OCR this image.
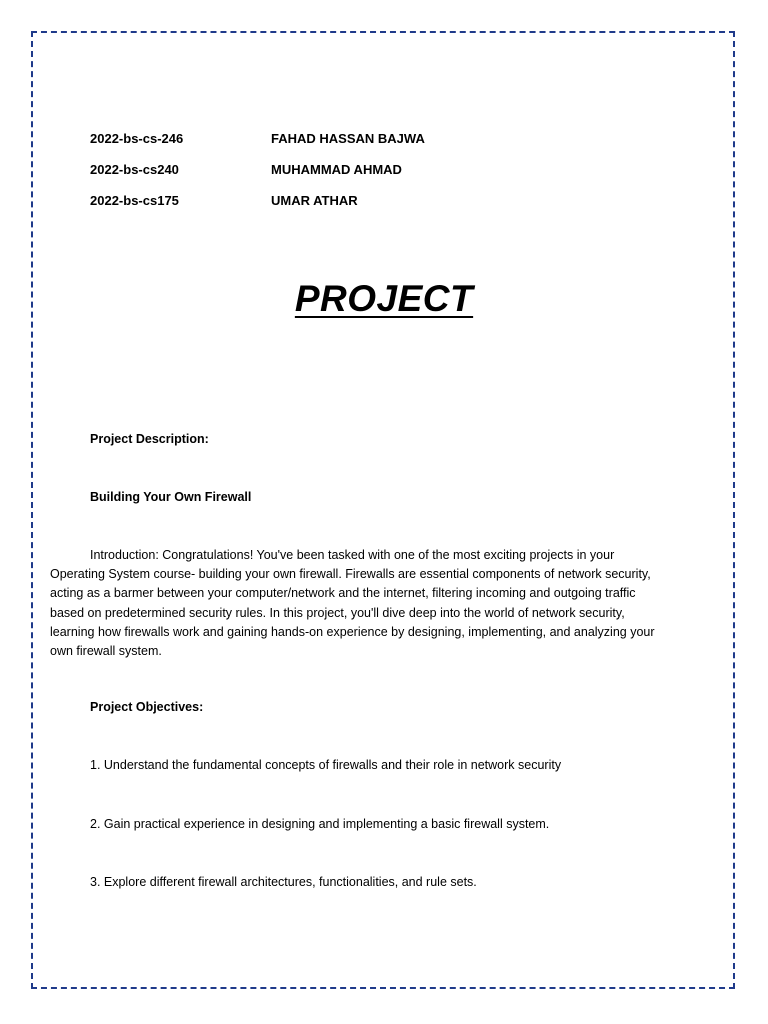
2022-bs-cs-246	FAHAD HASSAN BAJWA
2022-bs-cs240	MUHAMMAD AHMAD
2022-bs-cs175	UMAR ATHAR
PROJECT
Project Description:
Building Your Own Firewall

Introduction: Congratulations! You've been tasked with one of the most exciting projects in your Operating System course- building your own firewall. Firewalls are essential components of network security, acting as a barmer between your computer/network and the internet, filtering incoming and outgoing traffic based on predetermined security rules. In this project, you'll dive deep into the world of network security, learning how firewalls work and gaining hands-on experience by designing, implementing, and analyzing your own firewall system.

Project Objectives:
1. Understand the fundamental concepts of firewalls and their role in network security
2. Gain practical experience in designing and implementing a basic firewall system.
3. Explore different firewall architectures, functionalities, and rule sets.
